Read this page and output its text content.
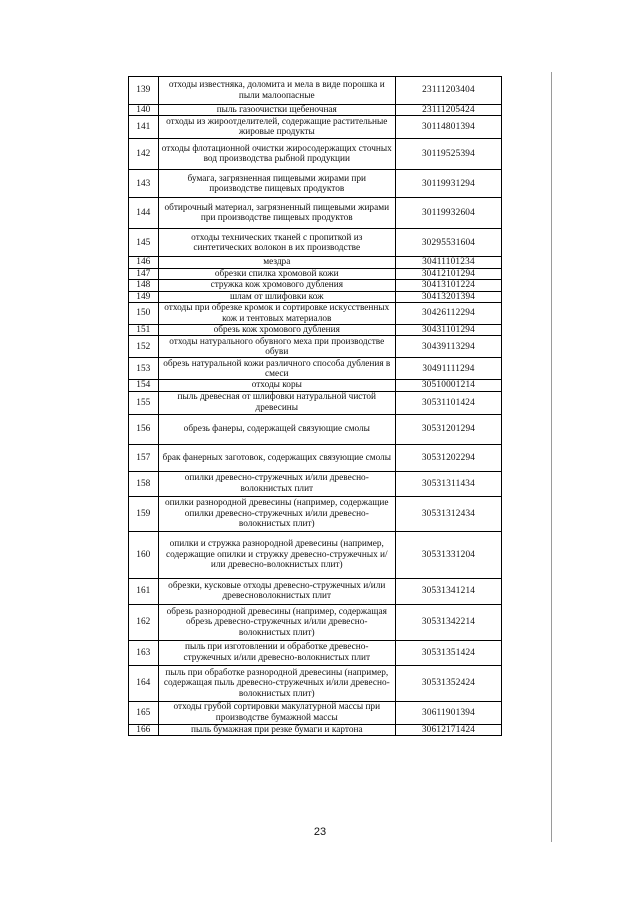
139	отходы известняка, доломита и мела в виде порошка и пыли малоопасные	23111203404
140	пыль газоочистки щебеночная	23111205424
141	отходы из жироотделителей, содержащие растительные жировые продукты	30114801394
142	отходы флотационной очистки жиросодержащих сточных вод производства рыбной продукции	30119525394
143	бумага, загрязненная пищевыми жирами при производстве пищевых продуктов	30119931294
144	обтирочный материал, загрязненный пищевыми жирами при производстве пищевых продуктов	30119932604
145	отходы технических тканей с пропиткой из синтетических волокон в их производстве	30295531604
146	мездра	30411101234
147	обрезки спилка хромовой кожи	30412101294
148	стружка кож хромового дубления	30413101224
149	шлам от шлифовки кож	30413201394
150	отходы при обрезке кромок и сортировке искусственных кож и тентовых материалов	30426112294
151	обрезь кож хромового дубления	30431101294
152	отходы натурального обувного меха при производстве обуви	30439113294
153	обрезь натуральной кожи различного способа дубления в смеси	30491111294
154	отходы коры	30510001214
155	пыль древесная от шлифовки натуральной чистой древесины	30531101424
156	обрезь фанеры, содержащей связующие смолы	30531201294
157	брак фанерных заготовок, содержащих связующие смолы	30531202294
158	опилки древесно-стружечных и/или древесно-волокнистых плит	30531311434
159	опилки разнородной древесины (например, содержащие опилки древесно-стружечных и/или древесно-волокнистых плит)	30531312434
160	опилки и стружка разнородной древесины (например, содержащие опилки и стружку древесно-стружечных и/или древесно-волокнистых плит)	30531331204
161	обрезки, кусковые отходы древесно-стружечных и/или древесноволокнистых плит	30531341214
162	обрезь разнородной древесины (например, содержащая обрезь древесно-стружечных и/или древесно-волокнистых плит)	30531342214
163	пыль при изготовлении и обработке древесно-стружечных и/или древесно-волокнистых плит	30531351424
164	пыль при обработке разнородной древесины (например, содержащая пыль древесно-стружечных и/или древесно-волокнистых плит)	30531352424
165	отходы грубой сортировки макулатурной массы при производстве бумажной массы	30611901394
166	пыль бумажная при резке бумаги и картона	30612171424
23
